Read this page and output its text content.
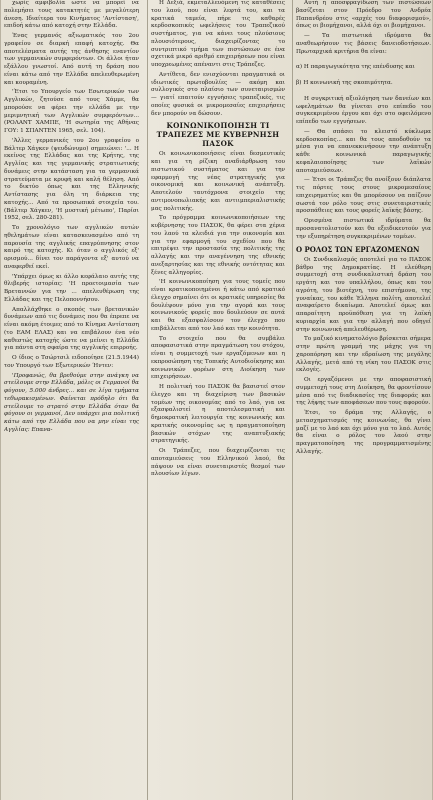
χωρίς αμφιβολία ωστε να μπορεί να πολεμήσει τους κατακτητές με μεγαλύτερη άνεση. Ιδιαίτερα του Κινήματος 'Αντίσταση', επιδοή κάτω από κατοχή στην Ελλάδα.

Ένας γερμανός αξιωματικός του 2ου γραφείου σε διαρκή επαφή κατοχής. Θα αποτελέσματα αυτής της άνθησης εναντίον των γερμανικών συμφερόντων. Οι άλλοι ήταν εξάλλου γνωστοί. Από αυτή τη δράση που είναι κάτω από την Ελλάδα απελευθερωμένη και κουραμένη.

'Έτσι το Υπουργείο των Εσωτερικών των Αγγλικών, ζητούσε από τους Χάμμε, θα μπορούσε να φέρει την ελλάδα με την μεριμνητική των Αγγλικών συμφερόντων... (ΡΟΛΑΝΤ ΧΑΜΠΕ, 'Η σωτηρία της Αθήνας ΓΟΥ: 1 ΣΠΑΝΤΕΝ 1965, σελ. 104).

'Άλλες γερμανικές του 2ου γραφείου ο Βάλτερ Χάγκεν (ψευδώνυμο) σημειώνει: '... Η εκείνος της Ελλάδας και της Κρήτης, της Αγγλίας και της γερμανικής στρατιωτικής δυνάμεις στην κατάσταση για τα γερμανικά στρατεύματα με κρυφή και καλή θέληση. Από το δικτύο όπως και της Ελληνικής Αντίστασης για όλη τη διάρκεια της κατοχής... Από τα προσωπικά στοιχεία του. (Βάλτερ Χάγκεν, 'Η μυστική μέτωπο', Παρίσι 1952, σελ. 280-281).

Το χρονολόγιο των αγγλικών αυτών ηθελημάτων είναι κατασκευασμένο από τη παρουσία της αγγλικής επαγρύπνησης στον καιρό της κατοχής. Κι όταν ο αγγλικός εξ' ορισμού... δίνει τον παράγοντα εξ' αυτού να αναφερθεί εκεί.

'Υπάρχει όμως κι άλλο κεφάλαιο αυτής της θλιβερής ιστορίας: 'Η προετοιμασία των Βρεταννών για την ... απελευθέρωση της Ελλάδας και της Πελοποννήσου.

Απαλλάχθηκε ο σκοπός των βρετανικών δυνάμεων από τις δυνάμεις που θα έπρεπε να είναι ακόμη έτοιμες από το Κίνημα Αντίσταση (το ΕΑΜ ΕΛΑΣ) και να επιβάλουν ένα νέο καθεστώς κατοχής ώστε να μείνει η Ελλάδα για πάντα στη σφαίρα της αγγλικής επιρροής.

Ο ίδιος ο Τσώρτσιλ ειδοποίησε (21.5.1944) τον Υπουργό των Εξωτερικών Ήντεν:

'Προφανώς, θα βρεθούμε στην ανάγκη να στείλουμε στην Ελλάδα, μόλις οι Γερμανοί θα φύγουν, 5.000 άνδρες... και σε λίγα τμήματα τεθωρακισμένων. Φαίνεται πρόδηλο ότι θα στείλουμε το στρατό στην Ελλάδα όταν θα φύγουν οι γερμανοί, Δεν υπάρχει μια πολιτική κάτω από την Ελλάδα που να μην είναι της Αγγλίας: Επανα-

Η Δεξιά, εκμεταλλευόμενη τις καταθέσεις του λαού, που είναι λεφτά του, και τα κρατικά ταμεία, πήρε τις καθαρές κερδοσκοπικές ωφελήσεις του Τραπεζικού συστήματος, για να κάνει τους πλούσιους πλουσιότερους, διαχειρίζοντας το συντριπτικό τμήμα των πιστώσεων σε ένα σχετικά μικρό αριθμό επιχειρήσεων που είναι υποχρεωμένες απέναντι στις Τράπεζες.

Αντίθετα, δεν ενισχύονται πραγματικά οι ιδιωτικές πρωτοβουλίες — ακόμη και συλλογικές στο πλαίσιο των συνεταιρισμών — γιατί επαιτούν εγγυήσεις τραπεζικές, τις οποίες φυσικά οι μικρομεσαίες επιχειρήσεις δεν μπορούν να δώσουν.

ΚΟΙΝΩΝΙΚΟΠΟΙΗΣΗ ΤΙ ΤΡΑΠΕΖΕΣ ΜΕ ΚΥΒΕΡΝΗΣΗ ΠΑΣΟΚ

Οι κοινωνικοποιήσεις είναι δεσμευτικές και για τη ρίζικη αναδιάρθρωση του πιστωτικού συστήματος και για την εφαρμογή της νέας στρατηγικής για οικονομική και κοινωνική ανάπτυξη. Αποτελούν ταυτόχρονα στοιχείο της αντιμονοπωλιακής και αντιιμπεριαλιστικής μας πολιτικής.

Το πρόγραμμα κοινωνικοποιήσεων της κυβέρνησης του ΠΑΣΟΚ, θα φέρει στα χέρια του λαού τα κλειδιά για την οικονομία και για την εφαρμογή του σχεδίου που θα επιτρέψει την προστασία της πολιτικής της αλλαγής και την αναγέννηση της εθνικής ανεξαρτησίας και της εθνικής οντότητας και ξένες αλληγορίες.

'Η κοινωνικοποίηση για τους τομείς που είναι κρατικοποιημένοι ή κάτω από κρατικό έλεγχο σημαίνει ότι οι κρατικές υπηρεσίες θα δουλέψουν μόνο για την αγορά και τους κοινωνικούς φορείς που δουλεύουν σε αυτά και θα εξασφαλίσουν τον έλεγχο που επιβάλλεται από τον λαό και την κοινότητα.

Το στοιχείο που θα συμβάλει αποφασιστικά στην πραγμάτωση του στόχου, είναι η συμμετοχή των εργαζόμενων και η εκπροσώπηση της Τοπικής Αυτοδιοίκησης και κοινωνικών φορέων στη Διοίκηση των επιχειρήσεων.

Η πολιτική του ΠΑΣΟΚ θα βασιστεί στον έλεγχο και τη διαχείριση των βασικών τομέων της οικονομίας από το λαό, για να εξασφαλιστεί η αποτελεσματική και δημοκρατική λειτουργία της κοινωνικής και κρατικής οικονομίας ως η πραγματοποίηση βασικών στόχων της αναπτυξιακής στρατηγικής.

Οι Τράπεζες, που διαχειρίζονται τις αποταμιεύσεις του Ελληνικού λαού, θα πάψουν να είναι συνεταιριστές θεσμοί των πλουσίων λίγων.

Αυτή η αποσφραγίδωση των πιστώσεων βασίζεται στον Πρόεδρο του Ανδρέα Παπανδρέου στις «αρχές του διαφορισμού», όπως οι βιομήχανοι, αλλά όχι οι βιομήχανοι.

— Τα πιστωτικά ιδρύματα θα αναθεωρήσουν τις βάσεις δανειοδοτήσεων. Πρωταρχικά κριτήρια θα είναι:

α) Η παραγωγικότητα της επένδυσης και

β) Η κοινωνική της σκοπιμότητα.

Η συγκριτική αξιολόγηση των δανείων και ωφελημάτων θα γίνεται στο επίπεδο του συγκεκριμένου έργου και όχι στο οφειλόμενο επίπεδο των εγγυήσεων.

— Θα σπάσει το κλειστό κύκλωμα κερδοσκοπίας... και θα τους αποδοθούν τα μέσα για να επανεκκινήσουν την ανάπτυξη κάθε κοινωνικά παραγωγικής κεφαλαιοποίησης των λαϊκών αποταμιεύσεων.

— Έτσι οι Τράπεζες θα ανοίξουν διάπλατα τις πόρτες τους στους μικρομεσαίους επιχειρηματίες και θα μπορέσουν να παίζουν σωστά τον ρόλο τους στις συνεταιριστικές προσπάθειες και τους φορείς λαϊκής βάσης.

Ορισμένα πιστωτικά ιδρύματα θα προσανατολιστούν και θα εξειδικευτούν για την εξυπηρέτηση συγκεκριμένων τομέων.

Ο ΡΟΛΟΣ ΤΩΝ ΕΡΓΑΖΟΜΕΝΩΝ

Οι Συνδικαλισμός αποτελεί για το ΠΑΣΟΚ βάθρο της Δημοκρατίας. Η ελεύθερη συμμετοχή στη συνδικαλιστική δράση του εργάτη και του υπαλλήλου, όπως και του αγρότη, του βιοτέχνη, του επιστήμονα, της γυναίκας, του κάθε Έλληνα πολίτη, αποτελεί αναφαίρετο δικαίωμα. Αποτελεί όμως και απαραίτητη προϋπόθεση για τη λαϊκή κυριαρχία και για την αλλαγή που οδηγεί στην κοινωνική απελευθέρωση.

Το μαζικό κινηματολόγιο βρίσκεται σήμερα στην πρώτη γραμμή της μάχης για τη χαροπόρηση και την εδραίωση της μεγάλης Αλλαγής, μετά από τη νίκη του ΠΑΣΟΚ στις εκλογές.

Οι εργαζόμενοι με την αποφασιστική συμμετοχή τους στη Διοίκηση, θα φροντίσουν μέσα από τις διαδικασίες της διαφοράς και της λήψης των αποφάσεων που τους αφορούν.

Έτσι, το δράμα της Αλλαγής, ο μετασχηματισμός της κοινωνίας, θα γίνει μαζί με το λαό και όχι μόνο για το λαό. Αυτός θα είναι ο ρόλος του λαού στην πραγματοποίηση της προγραμματισμένης Αλλαγής.
